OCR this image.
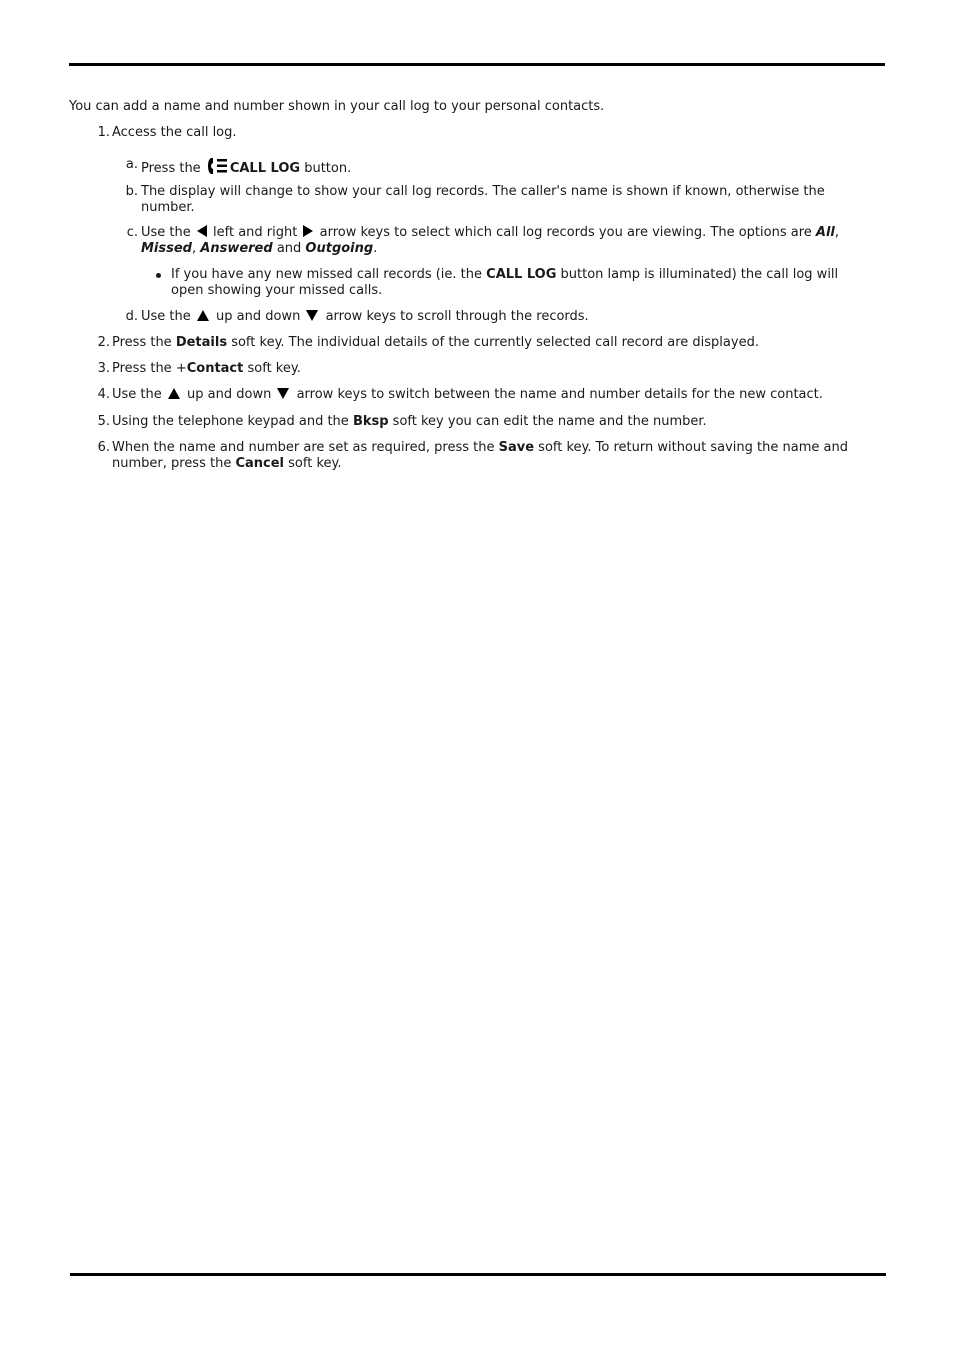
You can add a name and number shown in your call log to your personal contacts.

1. Access the call log.
a. Press the CALL LOG button.
b. The display will change to show your call log records. The caller's name is shown if known, otherwise the number.
c. Use the  left and right  arrow keys to select which call log records you are viewing. The options are All, Missed, Answered and Outgoing.
If you have any new missed call records (ie. the CALL LOG button lamp is illuminated) the call log will open showing your missed calls.
d. Use the  up and down  arrow keys to scroll through the records.
2. Press the Details soft key. The individual details of the currently selected call record are displayed.
3. Press the +Contact soft key.
4. Use the  up and down  arrow keys to switch between the name and number details for the new contact.
5. Using the telephone keypad and the Bksp soft key you can edit the name and the number.
6. When the name and number are set as required, press the Save soft key. To return without saving the name and number, press the Cancel soft key.
